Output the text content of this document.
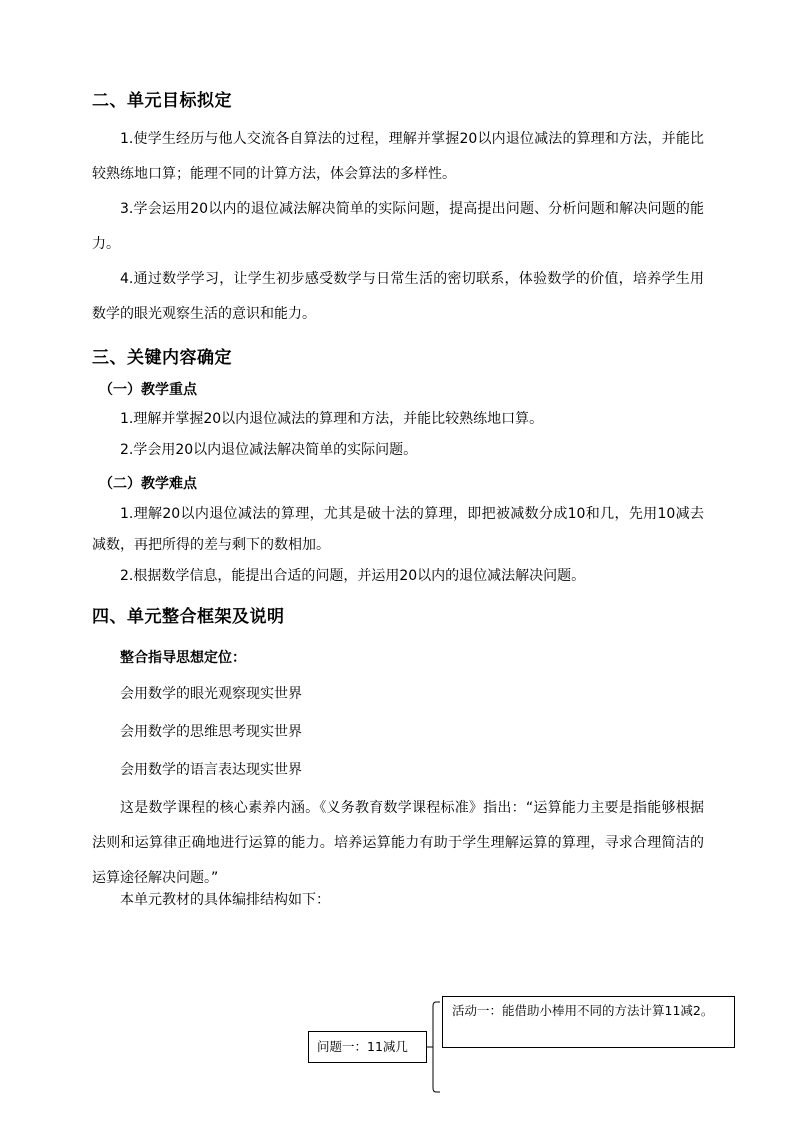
二、单元目标拟定
1.使学生经历与他人交流各自算法的过程，理解并掌握20以内退位减法的算理和方法，并能比较熟练地口算；能理不同的计算方法，体会算法的多样性。
3.学会运用20以内的退位减法解决简单的实际问题，提高提出问题、分析问题和解决问题的能力。
4.通过数学学习，让学生初步感受数学与日常生活的密切联系，体验数学的价值，培养学生用数学的眼光观察生活的意识和能力。
三、关键内容确定
（一）教学重点
1.理解并掌握20以内退位减法的算理和方法，并能比较熟练地口算。
2.学会用20以内退位减法解决简单的实际问题。
（二）教学难点
1.理解20以内退位减法的算理，尤其是破十法的算理，即把被减数分成10和几，先用10减去减数，再把所得的差与剩下的数相加。
2.根据数学信息，能提出合适的问题，并运用20以内的退位减法解决问题。
四、单元整合框架及说明
整合指导思想定位：
会用数学的眼光观察现实世界
会用数学的思维思考现实世界
会用数学的语言表达现实世界
这是数学课程的核心素养内涵。《义务教育数学课程标准》指出：“运算能力主要是指能够根据法则和运算律正确地进行运算的能力。培养运算能力有助于学生理解运算的算理，寻求合理简洁的运算途径解决问题。”
本单元教材的具体编排结构如下：
问题一：11减几
活动一：能借助小棒用不同的方法计算11减2。
